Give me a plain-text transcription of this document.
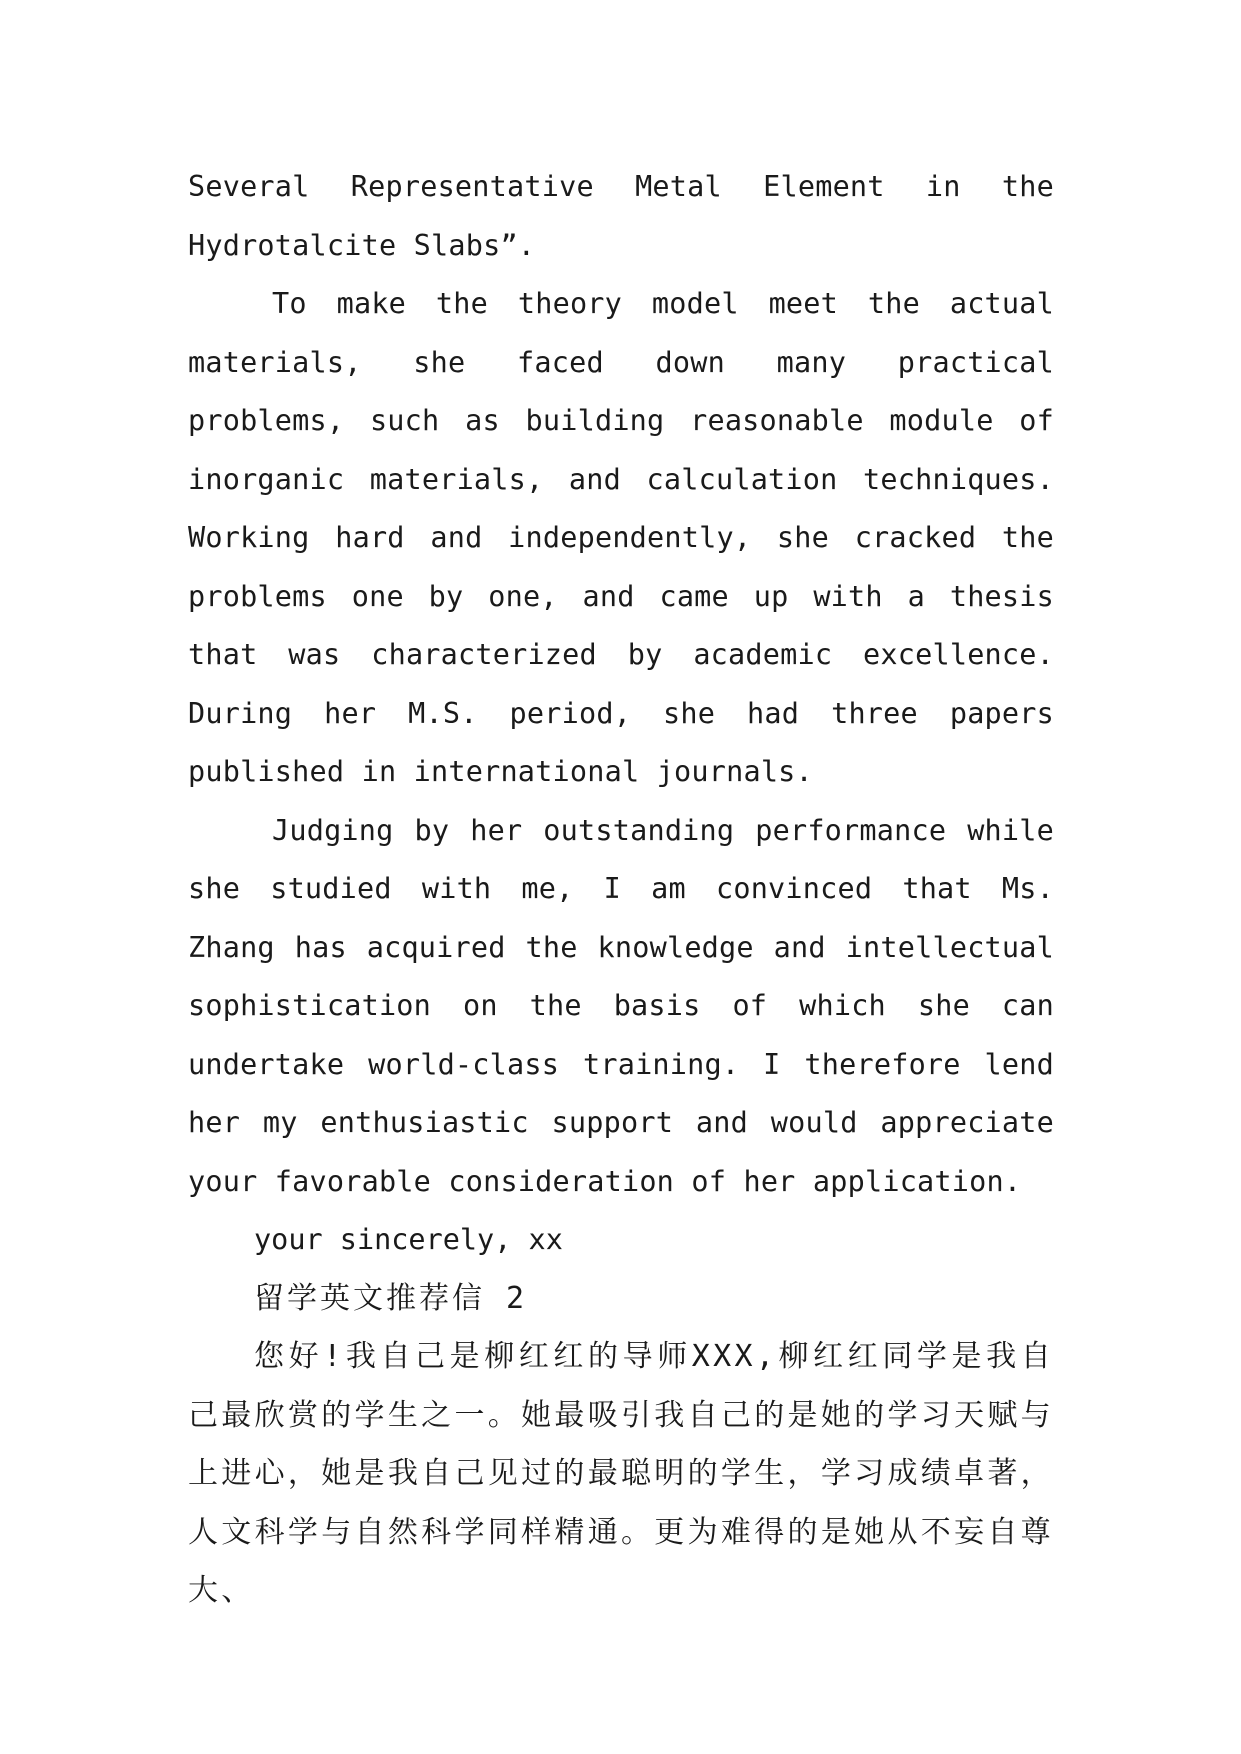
Several Representative Metal Element in the Hydrotalcite Slabs”.

To make the theory model meet the actual materials, she faced down many practical problems, such as building reasonable module of inorganic materials, and calculation techniques. Working hard and independently, she cracked the problems one by one, and came up with a thesis that was characterized by academic excellence. During her M.S. period, she had three papers published in international journals.

Judging by her outstanding performance while she studied with me, I am convinced that Ms. Zhang has acquired the knowledge and intellectual sophistication on the basis of which she can undertake world-class training. I therefore lend her my enthusiastic support and would appreciate your favorable consideration of her application.

your sincerely, xx

留学英文推荐信 2

您好!我自己是柳红红的导师XXX,柳红红同学是我自己最欣赏的学生之一。她最吸引我自己的是她的学习天赋与上进心，她是我自己见过的最聪明的学生，学习成绩卓著，人文科学与自然科学同样精通。更为难得的是她从不妄自尊大、
